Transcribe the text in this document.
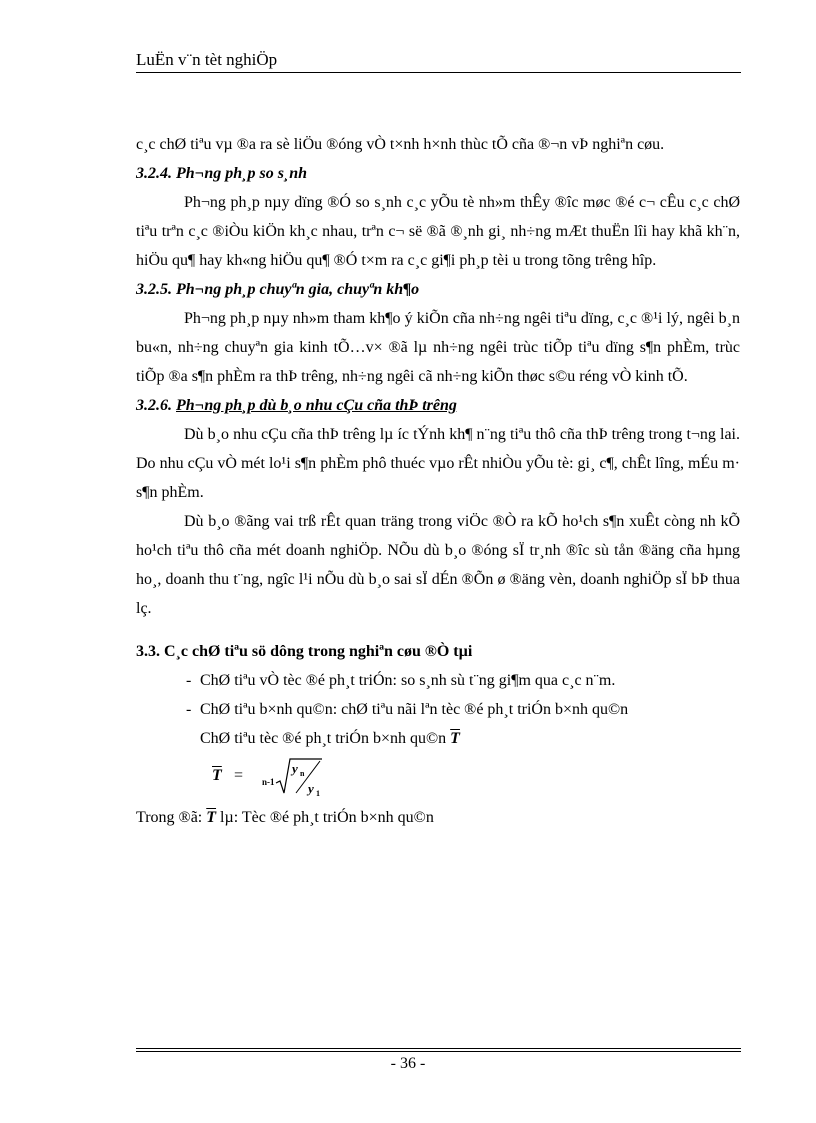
LuËn v¨n tèt nghiÖp

c¸c chØ tiªu vµ ®a ra sè liÖu ®óng vÒ t×nh h×nh thùc tÕ cña ®¬n vÞ nghiªn cøu.

3.2.4. Ph¬ng ph¸p so s¸nh

Ph¬ng ph¸p nµy dïng ®Ó so s¸nh c¸c yÕu tè nh»m thÊy ®îc møc ®é c¬ cÊu c¸c chØ tiªu trªn c¸c ®iÒu kiÖn kh¸c nhau, trªn c¬ së ®ã ®¸nh gi¸ nh÷ng mÆt thuËn lîi hay khã kh¨n, hiÖu qu¶ hay kh«ng hiÖu qu¶ ®Ó t×m ra c¸c gi¶i ph¸p tèi u trong tõng trêng hîp.

3.2.5. Ph¬ng ph¸p chuyªn gia, chuyªn kh¶o

Ph¬ng ph¸p nµy nh»m tham kh¶o ý kiÕn cña nh÷ng ngêi tiªu dïng, c¸c ®¹i lý, ngêi b¸n bu«n, nh÷ng chuyªn gia kinh tÕ…v× ®ã lµ nh÷ng ngêi trùc tiÕp tiªu dïng s¶n phÈm, trùc tiÕp ®a s¶n phÈm ra thÞ trêng, nh÷ng ngêi cã nh÷ng kiÕn thøc s©u réng vÒ kinh tÕ.

3.2.6. Ph¬ng ph¸p dù b¸o nhu cÇu cña thÞ trêng

Dù b¸o nhu cÇu cña thÞ trêng lµ íc tÝnh kh¶ n¨ng tiªu thô cña thÞ trêng trong t¬ng lai. Do nhu cÇu vÒ mét lo¹i s¶n phÈm phô thuéc vµo rÊt nhiÒu yÕu tè: gi¸ c¶, chÊt lîng, mÉu m· s¶n phÈm.

Dù b¸o ®ãng vai trß rÊt quan träng trong viÖc ®Ò ra kÕ ho¹ch s¶n xuÊt còng nh kÕ ho¹ch tiªu thô cña mét doanh nghiÖp. NÕu dù b¸o ®óng sÏ tr¸nh ®îc sù tån ®äng cña hµng ho¸, doanh thu t¨ng, ngîc l¹i nÕu dù b¸o sai sÏ dÉn ®Õn ø ®äng vèn, doanh nghiÖp sÏ bÞ thua lç.

3.3. C¸c chØ tiªu sö dông trong nghiªn cøu ®Ò tµi

- ChØ tiªu vÒ tèc ®é ph¸t triÓn: so s¸nh sù t¨ng gi¶m qua c¸c n¨m.
- ChØ tiªu b×nh qu©n: chØ tiªu nãi lªn tèc ®é ph¸t triÓn b×nh qu©n
ChØ tiªu tèc ®é ph¸t triÓn b×nh qu©n $\overline{T}$
$\overline{T} = n-1$
y n
y 1

Trong ®ã: $\overline{T}$ lµ: Tèc ®é ph¸t triÓn b×nh qu©n

- 36 -
